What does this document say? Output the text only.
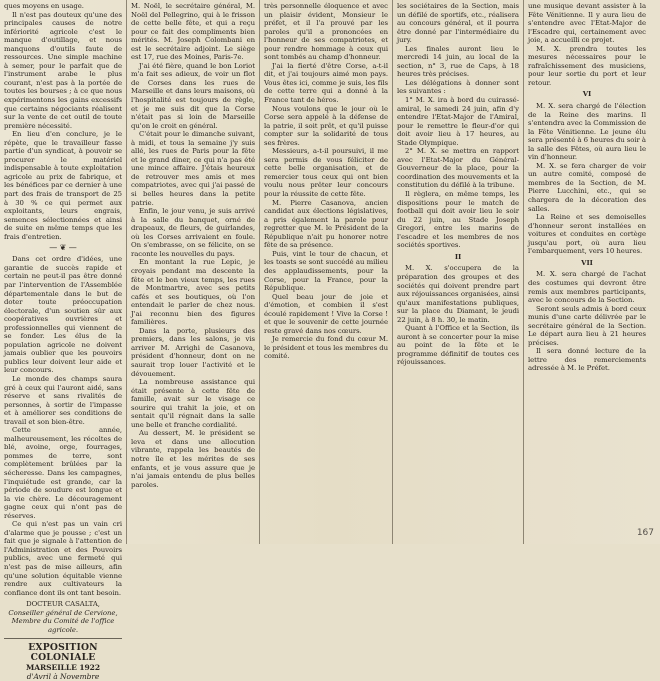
ques moyens en usage.

Il n'est pas douteux qu'une des principales causes de notre infériorité agricole c'est le manque d'outillage, et nous manquons d'outils faute de ressources. Une simple machine à semer, pour le parfait que de l'instrument arabe le plus courant, n'est pas à la portée de toutes les bourses ; à ce que nous expérimentons les gains excessifs que certains négociants réalisent sur la vente de cet outil de toute première nécessité.

En lieu d'en conclure, je le répète, que le travailleur fasse partie d'un syndicat, à pouvoir se procurer le matériel indispensable à toute exploitation agricole au prix de fabrique, et les bénéfices par ce dernier à une part des frais de transport de 25 à 30 % ce qui permet aux exploitants, leurs engrais, semences sélectionnées et ainsi de suite en même temps que les frais d'entretien.

— ❦ —

Dans cet ordre d'idées, une garantie de succès rapide et certain ne peut-il pas être donné par l'intervention de l'Assemblée départementale dans le but de doter toute préoccupation électorale, d'un soutien sûr aux coopératives ouvrières et professionnelles qui viennent de se fonder. Les élus de la population agricole ne doivent jamais oublier que les pouvoirs publics leur doivent leur aide et leur concours.

Le monde des champs saura gré à ceux qui l'auront aidé, sans réserve et sans rivalités de personnes, à sortir de l'impasse et à améliorer ses conditions de travail et son bien-être.

Cette année, malheureusement, les récoltes de blé, avoine, orge, fourrages, pommes de terre, sont complètement brûlées par la sécheresse. Dans les campagnes, l'inquiétude est grande, car la période de soudure est longue et la vie chère. Le découragement gagne ceux qui n'ont pas de réserves.

Ce qui n'est pas un vain cri d'alarme que je pousse ; c'est un fait que je signale à l'attention de l'Administration et des Pouvoirs publics, avec une fermeté qui n'est pas de mise ailleurs, afin qu'une solution équitable vienne rendre aux cultivateurs la confiance dont ils ont tant besoin.

DOCTEUR CASALTA,
Conseiller général de Cervione, Membre du Comité de l'office agricole.
EXPOSITION COLONIALE
MARSEILLE 1922
d'Avril à Novembre

M. Noël, le secrétaire général, M. Noël del Pellegrino, qui à le frisson de cette belle fête, et qui a reçu pour ce fait des compliments bien mérités. M. Joseph Colombani en est le secrétaire adjoint. Le siège est 17, rue des Moines, Paris-7e.

J'ai été fière, quand le bon Loriot m'a fait ses adieux, de voir un flot de Corses dans les rues de Marseille et dans leurs maisons, où l'hospitalité est toujours de règle, et je me suis dit que la Corse n'était pas si loin de Marseille qu'on le croit en général.

C'était pour le dimanche suivant, à midi, et tous la semaine j'y suis allé, les rues de Paris pour la fête et le grand diner, ce qui n'a pas été une mince affaire. J'étais heureux de retrouver mes amis et mes compatriotes, avec qui j'ai passé de si belles heures dans la petite patrie.

Enfin, le jour venu, je suis arrivé à la salle du banquet, orné de drapeaux, de fleurs, de guirlandes, où les Corses arrivaient en foule. On s'embrasse, on se félicite, on se raconte les nouvelles du pays.

En montant la rue Lepic, je croyais pendant ma descente la fête et le bon vieux temps, les rues de Montmartre, avec ses petits cafés et ses boutiques, où l'on entendait le parler de chez nous. J'ai reconnu bien des figures familières.

Dans la porte, plusieurs des premiers, dans les salons, je vis arriver M. Arrighi de Casanova, président d'honneur, dont on ne saurait trop louer l'activité et le dévouement.

La nombreuse assistance qui était présente à cette fête de famille, avait sur le visage ce sourire qui trahit la joie, et on sentait qu'il régnait dans la salle une belle et franche cordialité.

Au dessert, M. le président se leva et dans une allocution vibrante, rappela les beautés de notre île et les mérites de ses enfants, et je vous assure que je n'ai jamais entendu de plus belles paroles.

très personnelle éloquence et avec un plaisir évident, Monsieur le préfet, et il l'a prouvé par les paroles qu'il a prononcées en l'honneur de ses compatriotes, et pour rendre hommage à ceux qui sont tombés au champ d'honneur.

J'ai la fierté d'être Corse, a-t-il dit, et j'ai toujours aimé mon pays. Vous êtes ici, comme je suis, les fils de cette terre qui a donné à la France tant de héros.

Nous voulons que le jour où le Corse sera appelé à la défense de la patrie, il soit prêt, et qu'il puisse compter sur la solidarité de tous ses frères.

Messieurs, a-t-il poursuivi, il me sera permis de vous féliciter de cette belle organisation, et de remercier tous ceux qui ont bien voulu nous prêter leur concours pour la réussite de cette fête.

M. Pierre Casanova, ancien candidat aux élections législatives, a pris également la parole pour regretter que M. le Président de la République n'ait pu honorer notre fête de sa présence.

Puis, vint le tour de chacun, et les toasts se sont succédé au milieu des applaudissements, pour la Corse, pour la France, pour la République.

Quel beau jour de joie et d'émotion, et combien il s'est écoulé rapidement ! Vive la Corse ! et que le souvenir de cette journée reste gravé dans nos cœurs.

Je remercie du fond du cœur M. le président et tous les membres du comité.

les sociétaires de la Section, mais un défilé de sportifs, etc., réalisera au concours général, et il pourra être donné par l'intermédiaire du jury.

Les finales auront lieu le mercredi 14 juin, au local de la section, n° 3, rue de Caps, à 18 heures très précises.

Les délégations à donner sont les suivantes :

1° M. X. ira à bord du cuirassé-amiral, le samedi 24 juin, afin d'y entendre l'Etat-Major de l'Amiral, pour le remettre le fleur-d'or qui doit avoir lieu à 17 heures, au Stade Olympique.

2° M. X. se mettra en rapport avec l'Etat-Major du Général-Gouverneur de la place, pour la coordination des mouvements et la constitution du défilé à la tribune.

Il règlera, en même temps, les dispositions pour le match de football qui doit avoir lieu le soir du 22 juin, au Stade Joseph Gregori, entre les marins de l'escadre et les membres de nos sociétés sportives.

II

M. X. s'occupera de la préparation des groupes et des sociétés qui doivent prendre part aux réjouissances organisées, ainsi qu'aux manifestations publiques, sur la place du Diamant, le jeudi 22 juin, à 8 h. 30, le matin.

Quant à l'Office et la Section, ils auront à se concerter pour la mise au point de la fête et le programme définitif de toutes ces réjouissances.

une musique devant assister à la Fête Vénitienne. Il y aura lieu de s'entendre avec l'Etat-Major de l'Escadre qui, certainement avec joie, a accueilli ce projet.

M. X. prendra toutes les mesures nécessaires pour le rafraîchissement des musiciens, pour leur sortie du port et leur retour.

VI

M. X. sera chargé de l'élection de la Reine des marins. Il s'entendra avec la Commission de la Fête Vénitienne. Le jeune élu sera présenté à 6 heures du soir à la salle des Fêtes, où aura lieu le vin d'honneur.

M. X. se fera charger de voir un autre comité, composé de membres de la Section, de M. Pierre Lucchini, etc., qui se chargera de la décoration des salles.

La Reine et ses demoiselles d'honneur seront installées en voitures et conduites en cortège jusqu'au port, où aura lieu l'embarquement, vers 10 heures.

VII

M. X. sera chargé de l'achat des costumes qui devront être remis aux membres participants, avec le concours de la Section.

Seront seuls admis à bord ceux munis d'une carte délivrée par le secrétaire général de la Section. Le départ aura lieu à 21 heures précises.

Il sera donné lecture de la lettre des remerciements adressée à M. le Préfet.

167
